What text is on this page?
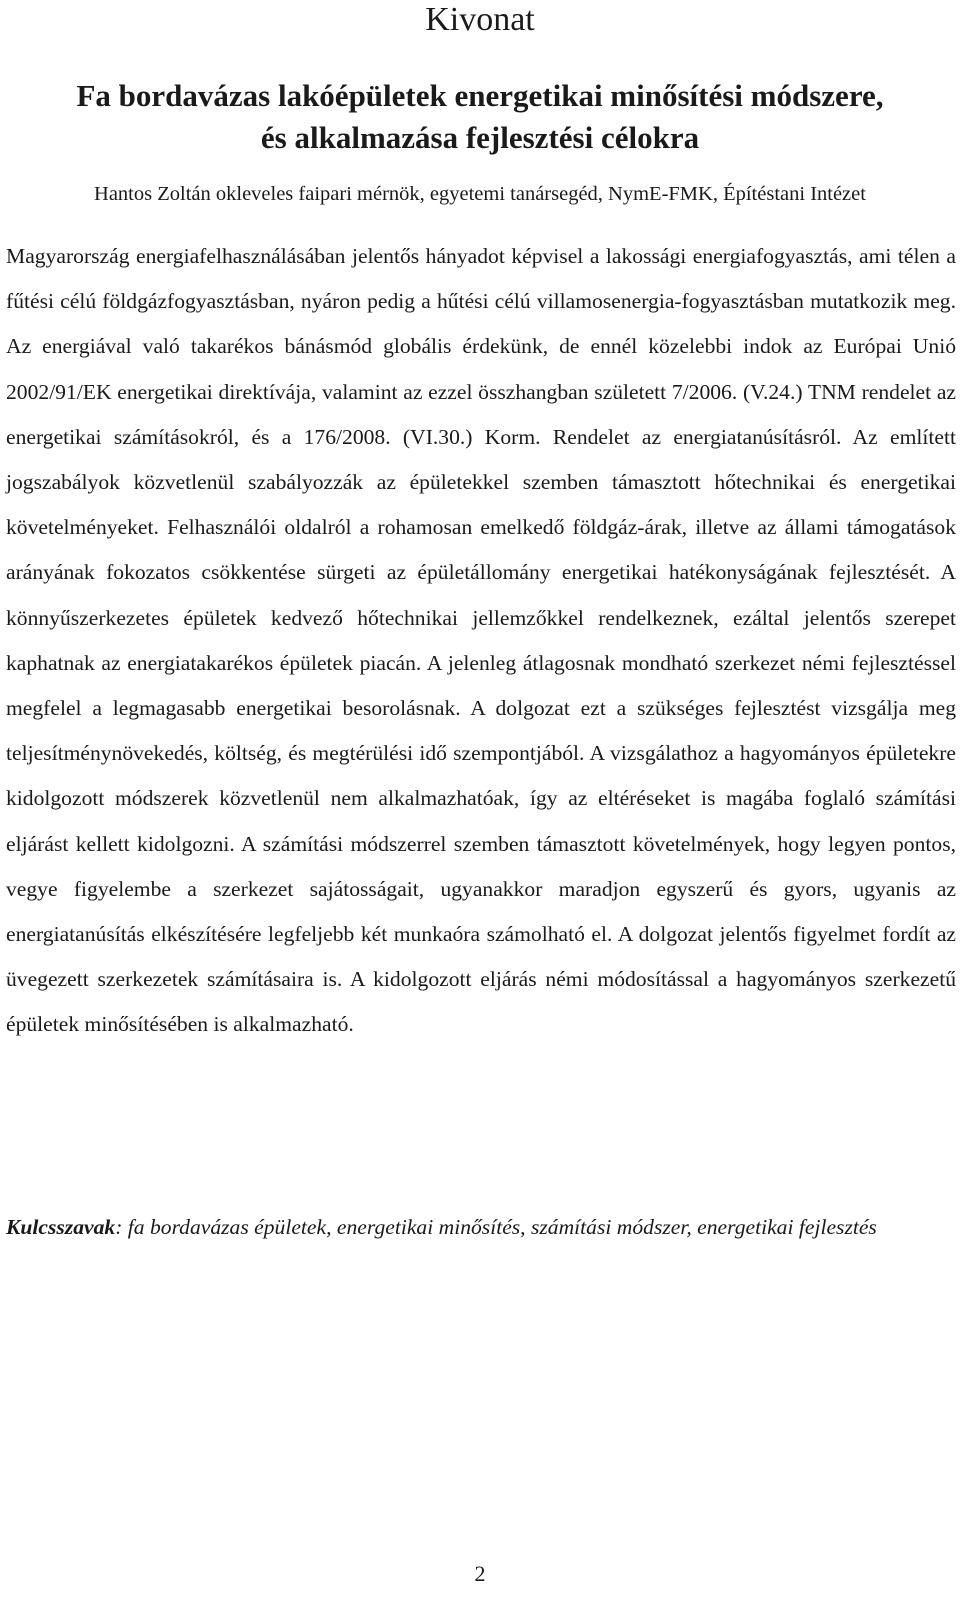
Kivonat
Fa bordavázas lakóépületek energetikai minősítési módszere,
és alkalmazása fejlesztési célokra
Hantos Zoltán okleveles faipari mérnök, egyetemi tanársegéd, NymE-FMK, Építéstani Intézet

Magyarország energiafelhasználásában jelentős hányadot képvisel a lakossági energiafogyasztás, ami télen a fűtési célú földgázfogyasztásban, nyáron pedig a hűtési célú villamosenergia-fogyasztásban mutatkozik meg. Az energiával való takarékos bánásmód globális érdekünk, de ennél közelebbi indok az Európai Unió 2002/91/EK energetikai direktívája, valamint az ezzel összhangban született 7/2006. (V.24.) TNM rendelet az energetikai számításokról, és a 176/2008. (VI.30.) Korm. Rendelet az energiatanúsításról. Az említett jogszabályok közvetlenül szabályozzák az épületekkel szemben támasztott hőtechnikai és energetikai követelményeket. Felhasználói oldalról a rohamosan emelkedő földgáz-árak, illetve az állami támogatások arányának fokozatos csökkentése sürgeti az épületállomány energetikai hatékonyságának fejlesztését. A könnyűszerkezetes épületek kedvező hőtechnikai jellemzőkkel rendelkeznek, ezáltal jelentős szerepet kaphatnak az energiatakarékos épületek piacán. A jelenleg átlagosnak mondható szerkezet némi fejlesztéssel megfelel a legmagasabb energetikai besorolásnak. A dolgozat ezt a szükséges fejlesztést vizsgálja meg teljesítménynövekedés, költség, és megtérülési idő szempontjából. A vizsgálathoz a hagyományos épületekre kidolgozott módszerek közvetlenül nem alkalmazhatóak, így az eltéréseket is magába foglaló számítási eljárást kellett kidolgozni. A számítási módszerrel szemben támasztott követelmények, hogy legyen pontos, vegye figyelembe a szerkezet sajátosságait, ugyanakkor maradjon egyszerű és gyors, ugyanis az energiatanúsítás elkészítésére legfeljebb két munkaóra számolható el. A dolgozat jelentős figyelmet fordít az üvegezett szerkezetek számításaira is. A kidolgozott eljárás némi módosítással a hagyományos szerkezetű épületek minősítésében is alkalmazható.

Kulcsszavak: fa bordavázas épületek, energetikai minősítés, számítási módszer, energetikai fejlesztés

2
